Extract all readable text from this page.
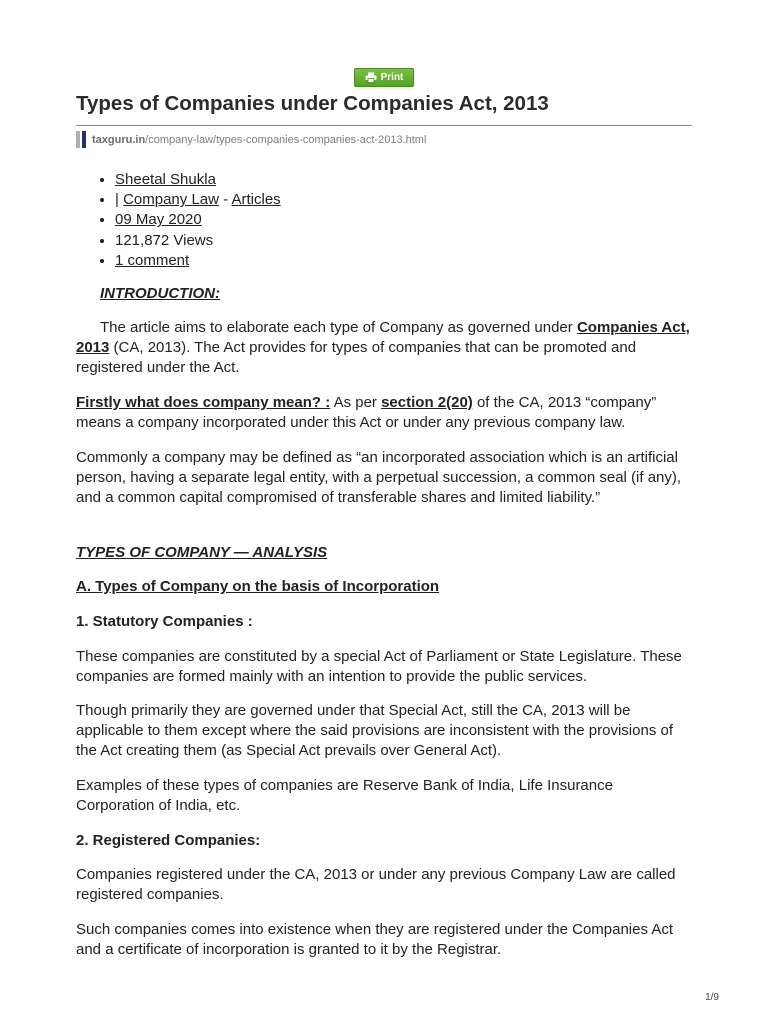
Print
Types of Companies under Companies Act, 2013
taxguru.in/company-law/types-companies-companies-act-2013.html
• Sheetal Shukla
• | Company Law - Articles
• 09 May 2020
• 121,872 Views
• 1 comment

INTRODUCTION:

The article aims to elaborate each type of Company as governed under Companies Act, 2013 (CA, 2013). The Act provides for types of companies that can be promoted and registered under the Act.

Firstly what does company mean? : As per section 2(20) of the CA, 2013 “company” means a company incorporated under this Act or under any previous company law.

Commonly a company may be defined as “an incorporated association which is an artificial person, having a separate legal entity, with a perpetual succession, a common seal (if any), and a common capital compromised of transferable shares and limited liability.”

TYPES OF COMPANY — ANALYSIS

A. Types of Company on the basis of Incorporation

1. Statutory Companies :

These companies are constituted by a special Act of Parliament or State Legislature. These companies are formed mainly with an intention to provide the public services.

Though primarily they are governed under that Special Act, still the CA, 2013 will be applicable to them except where the said provisions are inconsistent with the provisions of the Act creating them (as Special Act prevails over General Act).

Examples of these types of companies are Reserve Bank of India, Life Insurance Corporation of India, etc.

2. Registered Companies:

Companies registered under the CA, 2013 or under any previous Company Law are called registered companies.

Such companies comes into existence when they are registered under the Companies Act and a certificate of incorporation is granted to it by the Registrar.

1/9
